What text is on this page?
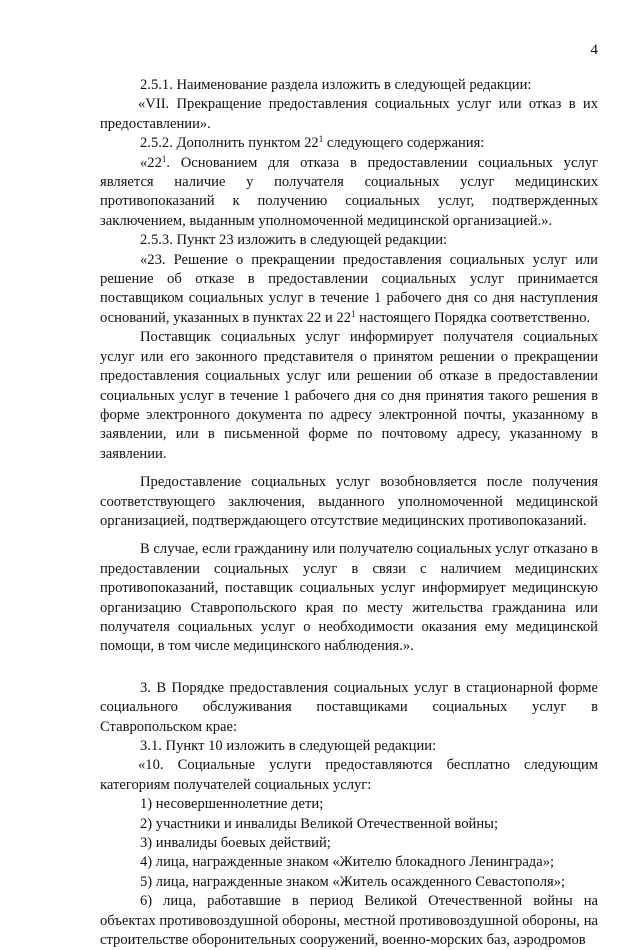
4

2.5.1. Наименование раздела изложить в следующей редакции:

«VII. Прекращение предоставления социальных услуг или отказ в их предоставлении».

2.5.2. Дополнить пунктом $22^1$ следующего содержания:

«$22^1$. Основанием для отказа в предоставлении социальных услуг является наличие у получателя социальных услуг медицинских противопоказаний к получению социальных услуг, подтвержденных заключением, выданным уполномоченной медицинской организацией.».

2.5.3. Пункт 23 изложить в следующей редакции:

«23. Решение о прекращении предоставления социальных услуг или решение об отказе в предоставлении социальных услуг принимается поставщиком социальных услуг в течение 1 рабочего дня со дня наступления оснований, указанных в пунктах 22 и $22^1$ настоящего Порядка соответственно.

Поставщик социальных услуг информирует получателя социальных услуг или его законного представителя о принятом решении о прекращении предоставления социальных услуг или решении об отказе в предоставлении социальных услуг в течение 1 рабочего дня со дня принятия такого решения в форме электронного документа по адресу электронной почты, указанному в заявлении, или в письменной форме по почтовому адресу, указанному в заявлении.

Предоставление социальных услуг возобновляется после получения соответствующего заключения, выданного уполномоченной медицинской организацией, подтверждающего отсутствие медицинских противопоказаний.

В случае, если гражданину или получателю социальных услуг отказано в предоставлении социальных услуг в связи с наличием медицинских противопоказаний, поставщик социальных услуг информирует медицинскую организацию Ставропольского края по месту жительства гражданина или получателя социальных услуг о необходимости оказания ему медицинской помощи, в том числе медицинского наблюдения.».

3. В Порядке предоставления социальных услуг в стационарной форме социального обслуживания поставщиками социальных услуг в Ставропольском крае:

3.1. Пункт 10 изложить в следующей редакции:

«10. Социальные услуги предоставляются бесплатно следующим категориям получателей социальных услуг:

1) несовершеннолетние дети;

2) участники и инвалиды Великой Отечественной войны;

3) инвалиды боевых действий;

4) лица, награжденные знаком «Жителю блокадного Ленинграда»;

5) лица, награжденные знаком «Житель осажденного Севастополя»;

6) лица, работавшие в период Великой Отечественной войны на объектах противовоздушной обороны, местной противовоздушной обороны, на строительстве оборонительных сооружений, военно-морских баз, аэродромов
